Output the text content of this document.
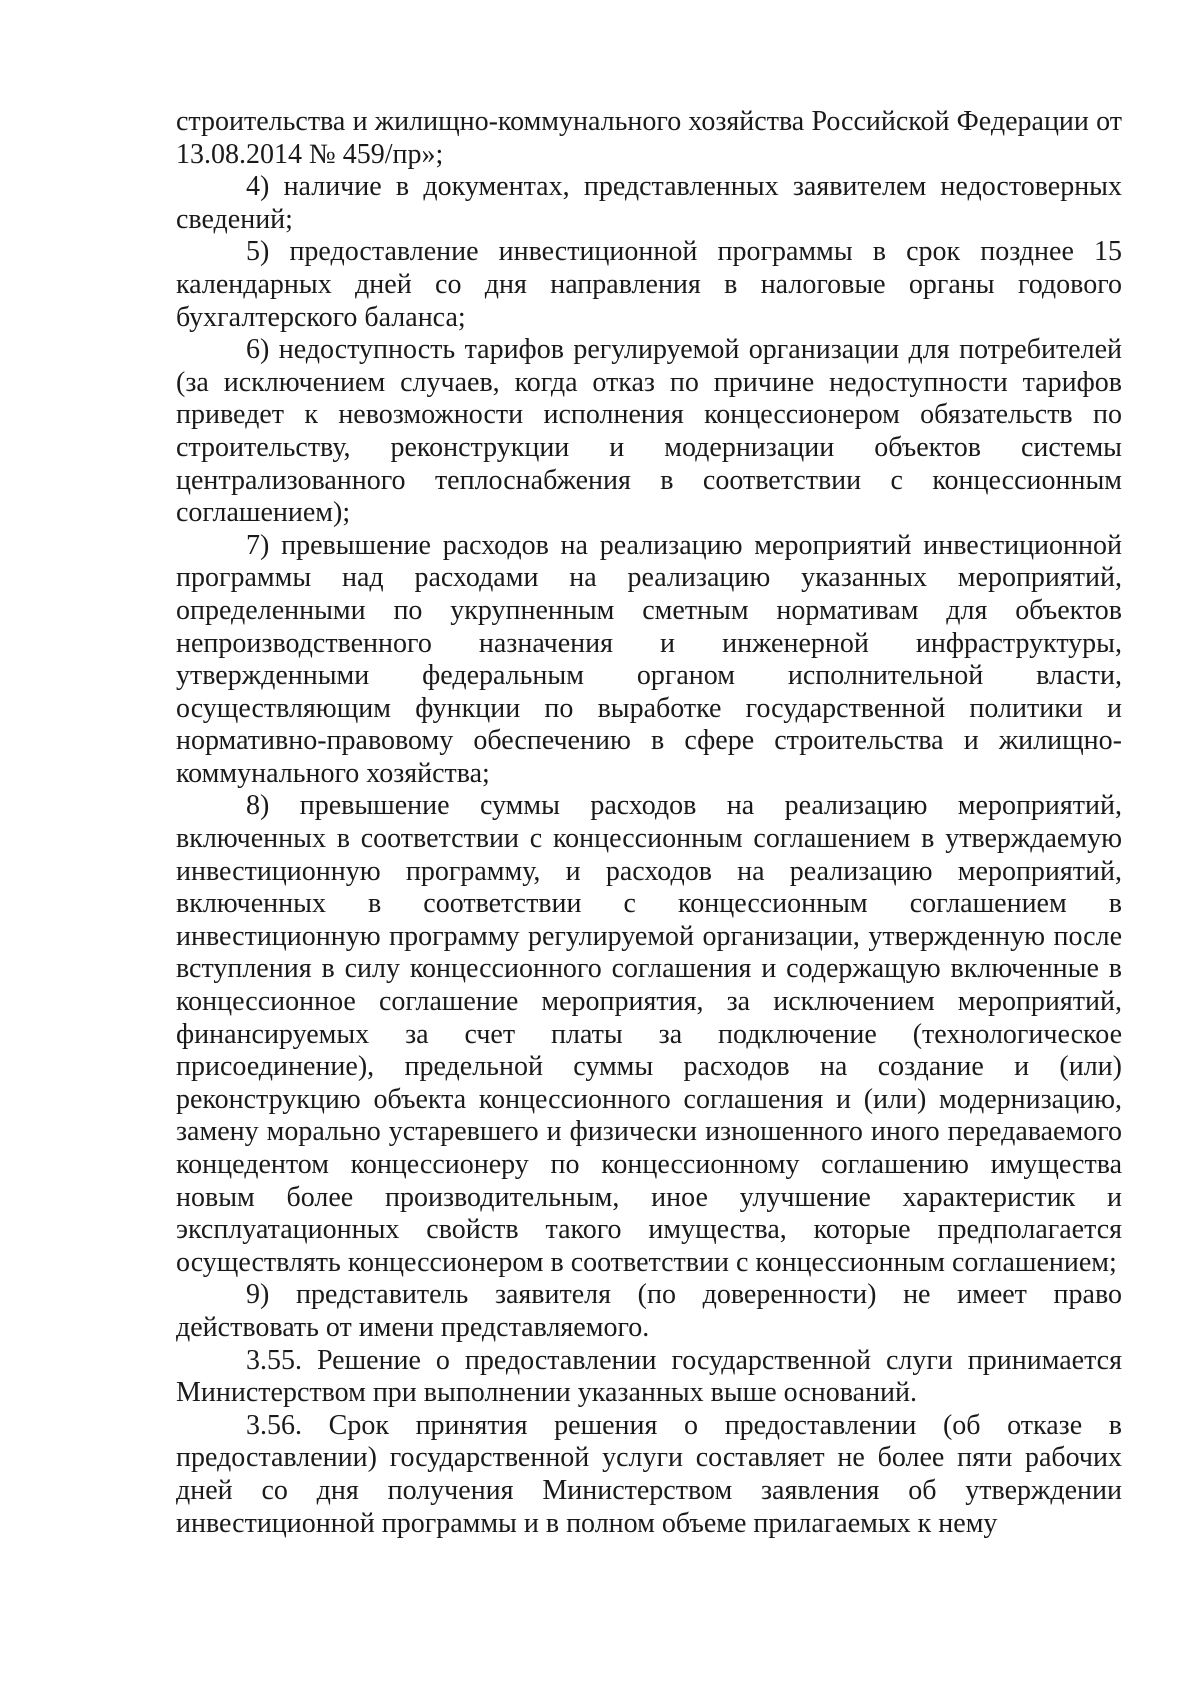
строительства и жилищно-коммунального хозяйства Российской Федерации от 13.08.2014 № 459/пр»;

4) наличие в документах, представленных заявителем недостоверных сведений;

5) предоставление инвестиционной программы в срок позднее 15 календарных дней со дня направления в налоговые органы годового бухгалтерского баланса;

6) недоступность тарифов регулируемой организации для потребителей (за исключением случаев, когда отказ по причине недоступности тарифов приведет к невозможности исполнения концессионером обязательств по строительству, реконструкции и модернизации объектов системы централизованного теплоснабжения в соответствии с концессионным соглашением);

7) превышение расходов на реализацию мероприятий инвестиционной программы над расходами на реализацию указанных мероприятий, определенными по укрупненным сметным нормативам для объектов непроизводственного назначения и инженерной инфраструктуры, утвержденными федеральным органом исполнительной власти, осуществляющим функции по выработке государственной политики и нормативно-правовому обеспечению в сфере строительства и жилищно-коммунального хозяйства;

8) превышение суммы расходов на реализацию мероприятий, включенных в соответствии с концессионным соглашением в утверждаемую инвестиционную программу, и расходов на реализацию мероприятий, включенных в соответствии с концессионным соглашением в инвестиционную программу регулируемой организации, утвержденную после вступления в силу концессионного соглашения и содержащую включенные в концессионное соглашение мероприятия, за исключением мероприятий, финансируемых за счет платы за подключение (технологическое присоединение), предельной суммы расходов на создание и (или) реконструкцию объекта концессионного соглашения и (или) модернизацию, замену морально устаревшего и физически изношенного иного передаваемого концедентом концессионеру по концессионному соглашению имущества новым более производительным, иное улучшение характеристик и эксплуатационных свойств такого имущества, которые предполагается осуществлять концессионером в соответствии с концессионным соглашением;

9) представитель заявителя (по доверенности) не имеет право действовать от имени представляемого.

3.55. Решение о предоставлении государственной слуги принимается Министерством при выполнении указанных выше оснований.

3.56. Срок принятия решения о предоставлении (об отказе в предоставлении) государственной услуги составляет не более пяти рабочих дней со дня получения Министерством заявления об утверждении инвестиционной программы и в полном объеме прилагаемых к нему
